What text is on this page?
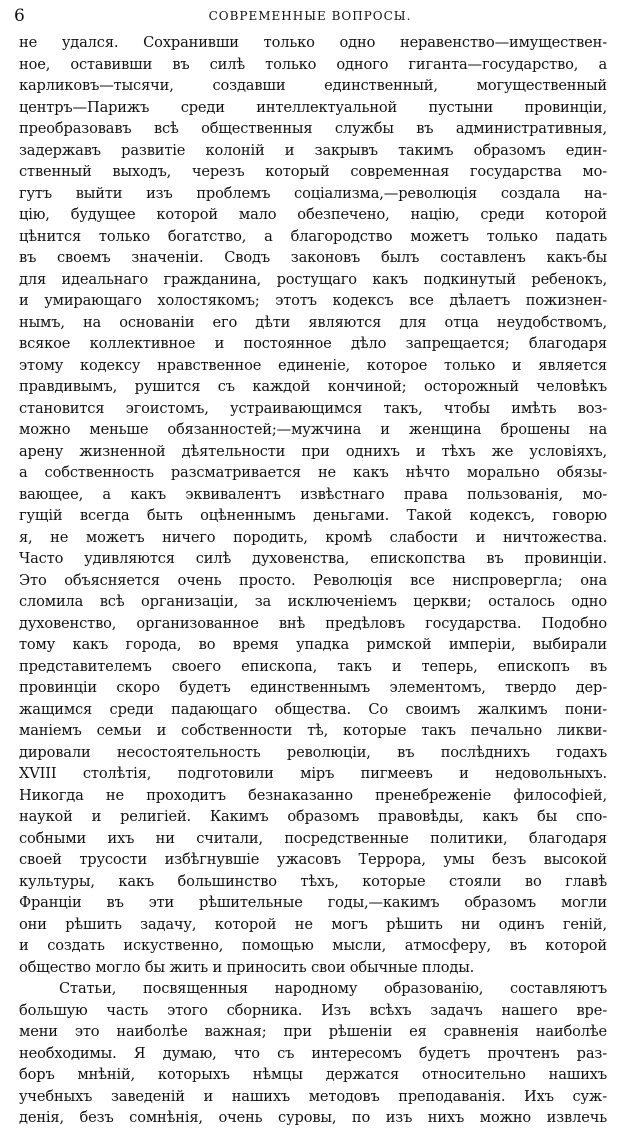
6	СОВРЕМЕННЫЕ ВОПРОСЫ.
не удался. Сохранивши только одно неравенство—имуществен-
ное, оставивши въ силѣ только одного гиганта—государство, а
карликовъ—тысячи, создавши единственный, могущественный
центръ—Парижъ среди интеллектуальной пустыни провинціи,
преобразовавъ всѣ общественныя службы въ административныя,
задержавъ развитіе колоній и закрывъ такимъ образомъ един-
ственный выходъ, черезъ который современная государства мо-
гутъ выйти изъ проблемъ соціализма,—революція создала на-
цію, будущее которой мало обезпечено, націю, среди которой
цѣнится только богатство, а благородство можетъ только падать
въ своемъ значеніи. Сводъ законовъ былъ составленъ какъ-бы
для идеальнаго гражданина, ростущаго какъ подкинутый ребенокъ,
и умирающаго холостякомъ; этотъ кодексъ все дѣлаетъ пожизнен-
нымъ, на основаніи его дѣти являются для отца неудобствомъ,
всякое коллективное и постоянное дѣло запрещается; благодаря
этому кодексу нравственное единеніе, которое только и является
правдивымъ, рушится съ каждой кончиной; осторожный человѣкъ
становится эгоистомъ, устраивающимся такъ, чтобы имѣть воз-
можно меньше обязанностей;—мужчина и женщина брошены на
арену жизненной дѣятельности при однихъ и тѣхъ же условіяхъ,
а собственность разсматривается не какъ нѣчто морально обязы-
вающее, а какъ эквивалентъ извѣстнаго права пользованія, мо-
гущій всегда быть оцѣненнымъ деньгами. Такой кодексъ, говорю
я, не можетъ ничего породить, кромѣ слабости и ничтожества.
Часто удивляются силѣ духовенства, епископства въ провинціи.
Это объясняется очень просто. Революція все ниспровергла; она
сломила всѣ организаціи, за исключеніемъ церкви; осталось одно
духовенство, организованное внѣ предѣловъ государства. Подобно
тому какъ города, во время упадка римской имперіи, выбирали
представителемъ своего епископа, такъ и теперь, епископъ въ
провинціи скоро будетъ единственнымъ элементомъ, твердо дер-
жащимся среди падающаго общества. Со своимъ жалкимъ пони-
маніемъ семьи и собственности тѣ, которые такъ печально ликви-
дировали несостоятельность революціи, въ послѣднихъ годахъ
XVIII столѣтія, подготовили міръ пигмеевъ и недовольныхъ.
Никогда не проходитъ безнаказанно пренебреженіе философіей,
наукой и религіей. Какимъ образомъ правовѣды, какъ бы спо-
собными ихъ ни считали, посредственные политики, благодаря
своей трусости избѣгнувшіе ужасовъ Террора, умы безъ высокой
культуры, какъ большинство тѣхъ, которые стояли во главѣ
Франціи въ эти рѣшительные годы,—какимъ образомъ могли
они рѣшить задачу, которой не могъ рѣшить ни одинъ геній,
и создать искуственно, помощью мысли, атмосферу, въ которой
общество могло бы жить и приносить свои обычные плоды.
Статьи, посвященныя народному образованію, составляютъ
большую часть этого сборника. Изъ всѣхъ задачъ нашего вре-
мени это наиболѣе важная; при рѣшеніи ея сравненія наиболѣе
необходимы. Я думаю, что съ интересомъ будетъ прочтенъ раз-
боръ мнѣній, которыхъ нѣмцы держатся относительно нашихъ
учебныхъ заведеній и нашихъ методовъ преподаванія. Ихъ суж-
денія, безъ сомнѣнія, очень суровы, по изъ нихъ можно извлечь
